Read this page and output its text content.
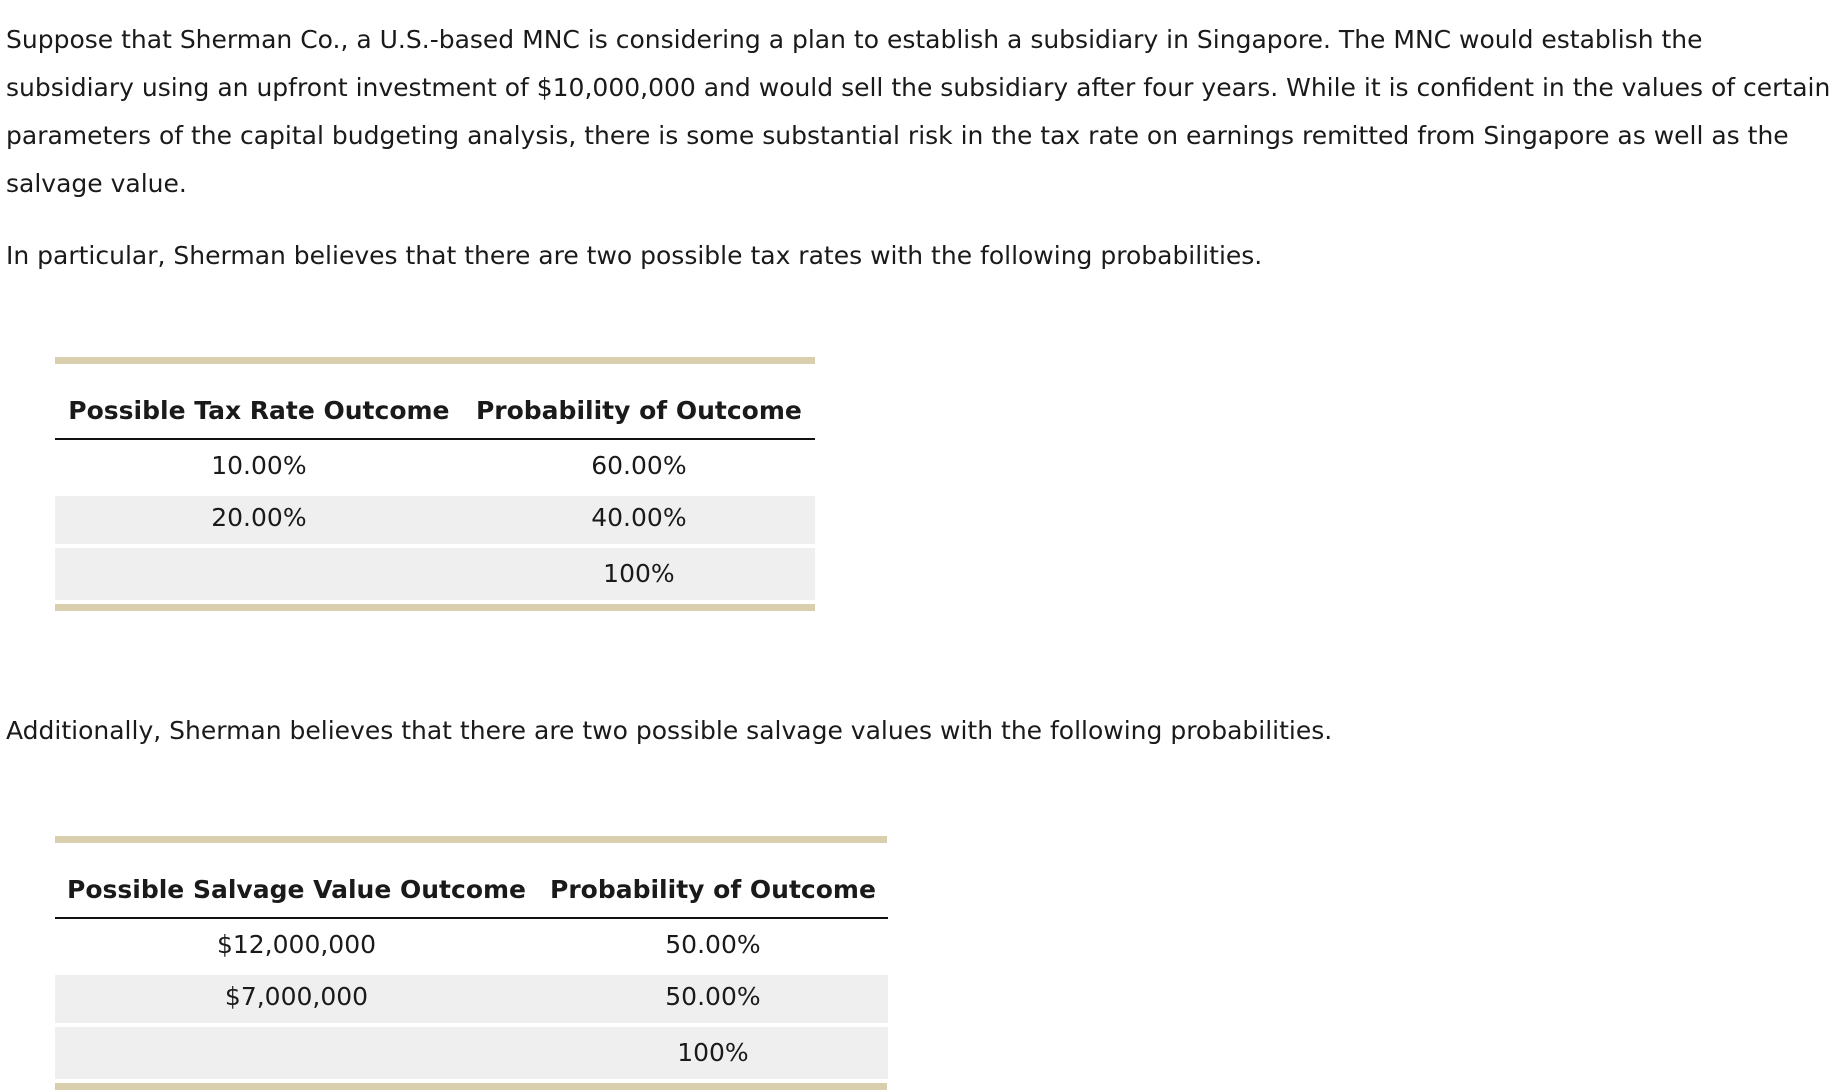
Suppose that Sherman Co., a U.S.-based MNC is considering a plan to establish a subsidiary in Singapore. The MNC would establish the subsidiary using an upfront investment of $10,000,000 and would sell the subsidiary after four years. While it is confident in the values of certain parameters of the capital budgeting analysis, there is some substantial risk in the tax rate on earnings remitted from Singapore as well as the salvage value.

In particular, Sherman believes that there are two possible tax rates with the following probabilities.

Possible Tax Rate Outcome	Probability of Outcome
10.00%	60.00%
20.00%	40.00%
	100%

Additionally, Sherman believes that there are two possible salvage values with the following probabilities.

Possible Salvage Value Outcome	Probability of Outcome
$12,000,000	50.00%
$7,000,000	50.00%
	100%
